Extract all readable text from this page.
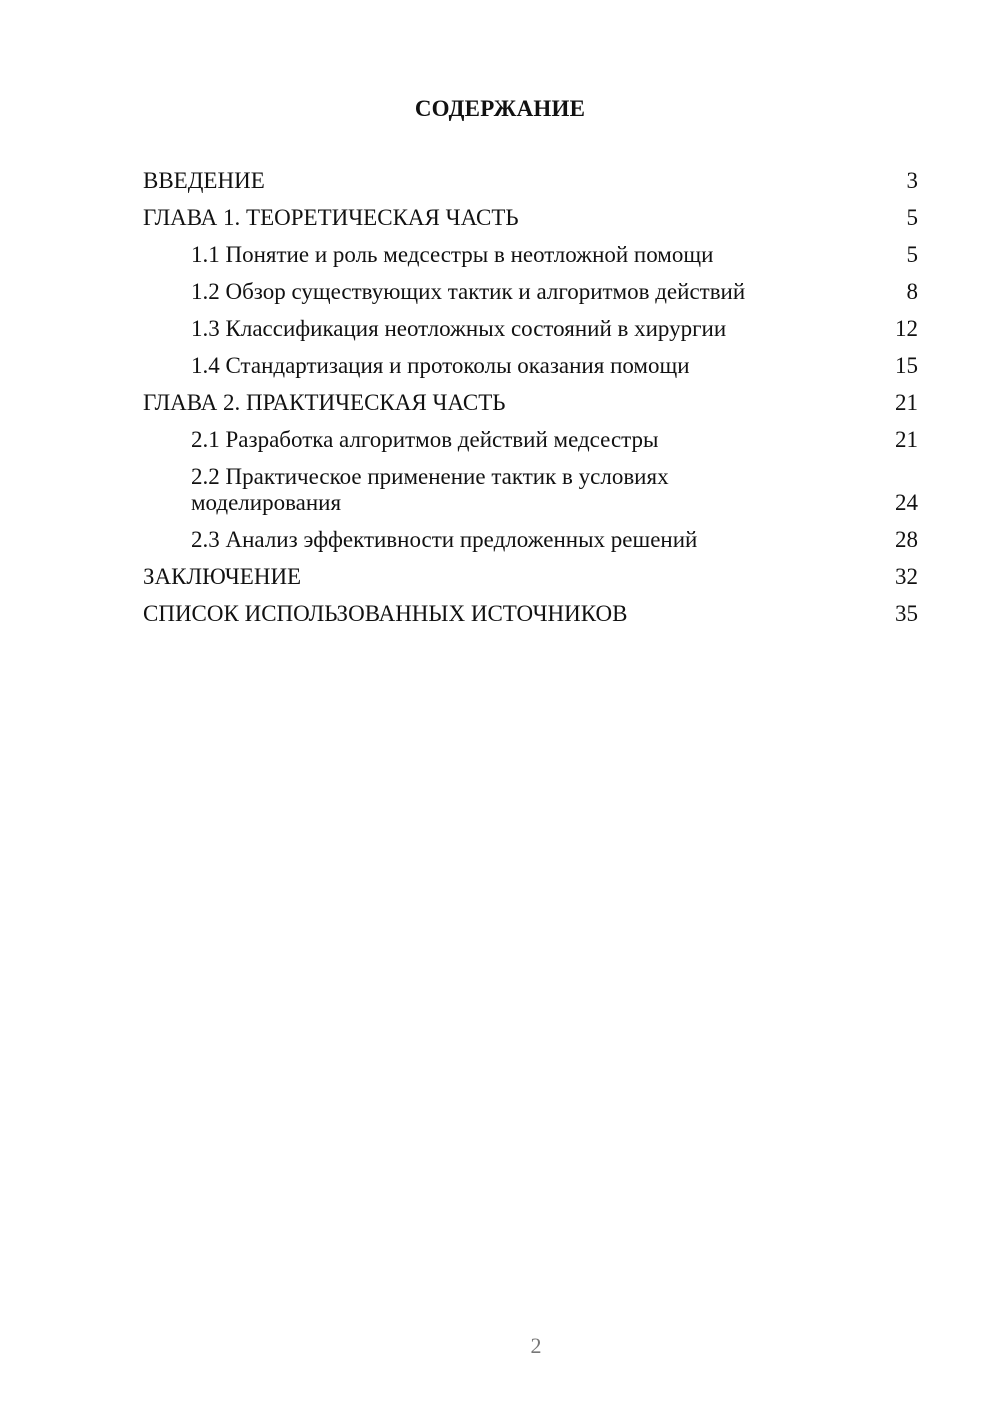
СОДЕРЖАНИЕ
ВВЕДЕНИЕ	3
ГЛАВА 1. ТЕОРЕТИЧЕСКАЯ ЧАСТЬ	5
1.1 Понятие и роль медсестры в неотложной помощи	5
1.2 Обзор существующих тактик и алгоритмов действий	8
1.3 Классификация неотложных состояний в хирургии	12
1.4 Стандартизация и протоколы оказания помощи	15
ГЛАВА 2. ПРАКТИЧЕСКАЯ ЧАСТЬ	21
2.1 Разработка алгоритмов действий медсестры	21
2.2 Практическое применение тактик в условиях моделирования	24
2.3 Анализ эффективности предложенных решений	28
ЗАКЛЮЧЕНИЕ	32
СПИСОК ИСПОЛЬЗОВАННЫХ ИСТОЧНИКОВ	35
2
